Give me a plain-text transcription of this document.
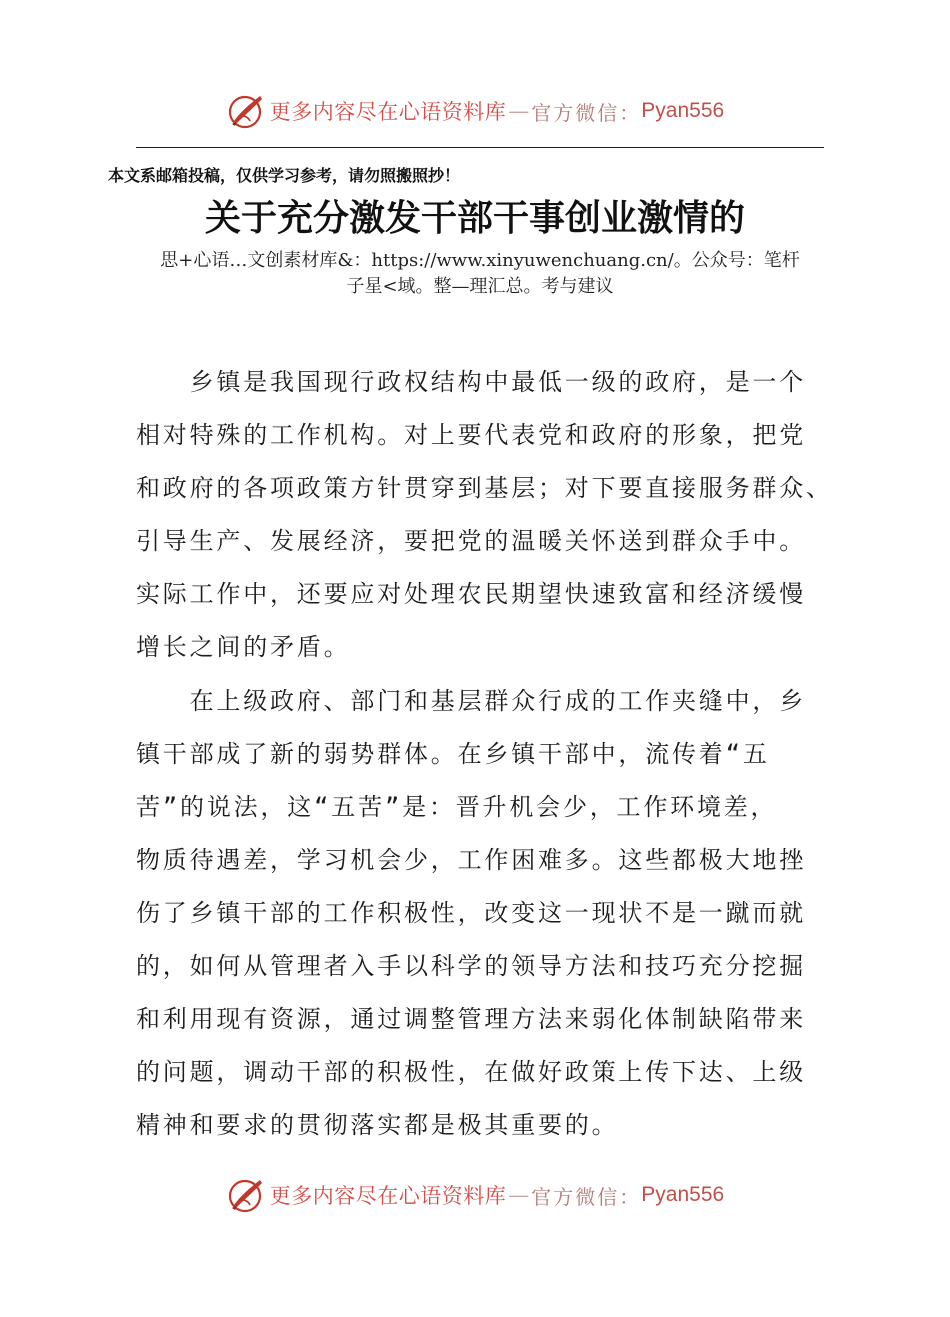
更多内容尽在心语资料库 — 官方微信： Pyan556
本文系邮箱投稿，仅供学习参考，请勿照搬照抄！
关于充分激发干部干事创业激情的
思+心语…文创素材库&：https://www.xinyuwenchuang.cn/。公众号：笔杆
子星<域。整—理汇总。考与建议
　　乡镇是我国现行政权结构中最低一级的政府，是一个
相对特殊的工作机构。对上要代表党和政府的形象，把党
和政府的各项政策方针贯穿到基层；对下要直接服务群众、
引导生产、发展经济，要把党的温暖关怀送到群众手中。
实际工作中，还要应对处理农民期望快速致富和经济缓慢
增长之间的矛盾。
　　在上级政府、部门和基层群众行成的工作夹缝中，乡
镇干部成了新的弱势群体。在乡镇干部中，流传着“五
苦”的说法，这“五苦”是：晋升机会少，工作环境差，
物质待遇差，学习机会少，工作困难多。这些都极大地挫
伤了乡镇干部的工作积极性，改变这一现状不是一蹴而就
的，如何从管理者入手以科学的领导方法和技巧充分挖掘
和利用现有资源，通过调整管理方法来弱化体制缺陷带来
的问题，调动干部的积极性，在做好政策上传下达、上级
精神和要求的贯彻落实都是极其重要的。
更多内容尽在心语资料库 — 官方微信： Pyan556
